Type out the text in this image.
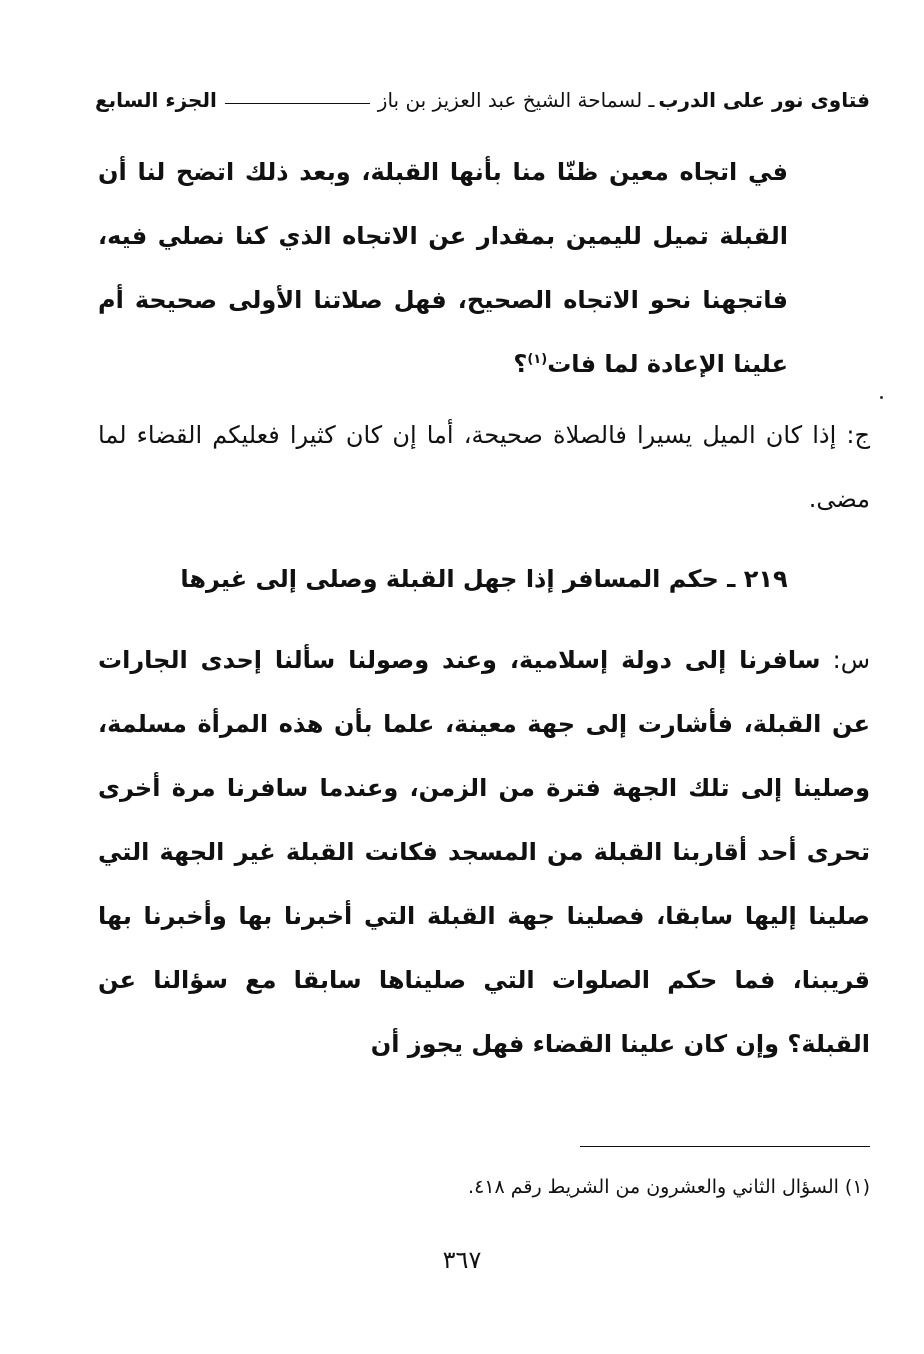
فتاوى نور على الدرب
ـ لسماحة الشيخ عبد العزيز بن باز
الجزء السابع
في اتجاه معين ظنّا منا بأنها القبلة، وبعد ذلك اتضح لنا أن القبلة تميل لليمين بمقدار عن الاتجاه الذي كنا نصلي فيه، فاتجهنا نحو الاتجاه الصحيح، فهل صلاتنا الأولى صحيحة أم علينا الإعادة لما فات$^{(١)}$؟
ج: إذا كان الميل يسيرا فالصلاة صحيحة، أما إن كان كثيرا فعليكم القضاء لما مضى.
٢١٩ ـ حكم المسافر إذا جهل القبلة وصلى إلى غيرها
س: سافرنا إلى دولة إسلامية، وعند وصولنا سألنا إحدى الجارات عن القبلة، فأشارت إلى جهة معينة، علما بأن هذه المرأة مسلمة، وصلينا إلى تلك الجهة فترة من الزمن، وعندما سافرنا مرة أخرى تحرى أحد أقاربنا القبلة من المسجد فكانت القبلة غير الجهة التي صلينا إليها سابقا، فصلينا جهة القبلة التي أخبرنا بها وأخبرنا بها قريبنا، فما حكم الصلوات التي صليناها سابقا مع سؤالنا عن القبلة؟ وإن كان علينا القضاء فهل يجوز أن
(١) السؤال الثاني والعشرون من الشريط رقم ٤١٨.
٣٦٧
